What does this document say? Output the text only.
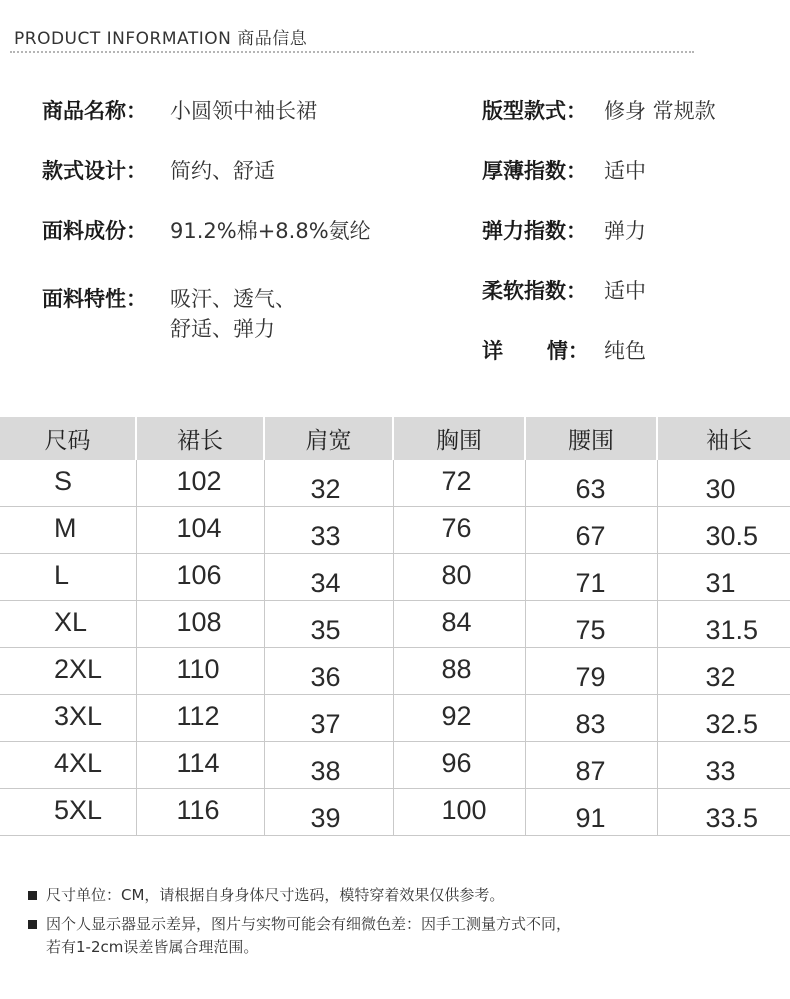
PRODUCT INFORMATION 商品信息
商品名称： 小圆领中袖长裙
款式设计： 简约、舒适
面料成份： 91.2%棉+8.8%氨纶
面料特性： 吸汗、透气、
舒适、弹力
版型款式： 修身 常规款
厚薄指数： 适中
弹力指数： 弹力
柔软指数： 适中
详      情： 纯色
尺码	裙长	肩宽	胸围	腰围	袖长
S	102	32	72	63	30
M	104	33	76	67	30.5
L	106	34	80	71	31
XL	108	35	84	75	31.5
2XL	110	36	88	79	32
3XL	112	37	92	83	32.5
4XL	114	38	96	87	33
5XL	116	39	100	91	33.5
尺寸单位：CM，请根据自身身体尺寸选码，模特穿着效果仅供参考。
因个人显示器显示差异，图片与实物可能会有细微色差：因手工测量方式不同，
若有1-2cm误差皆属合理范围。
